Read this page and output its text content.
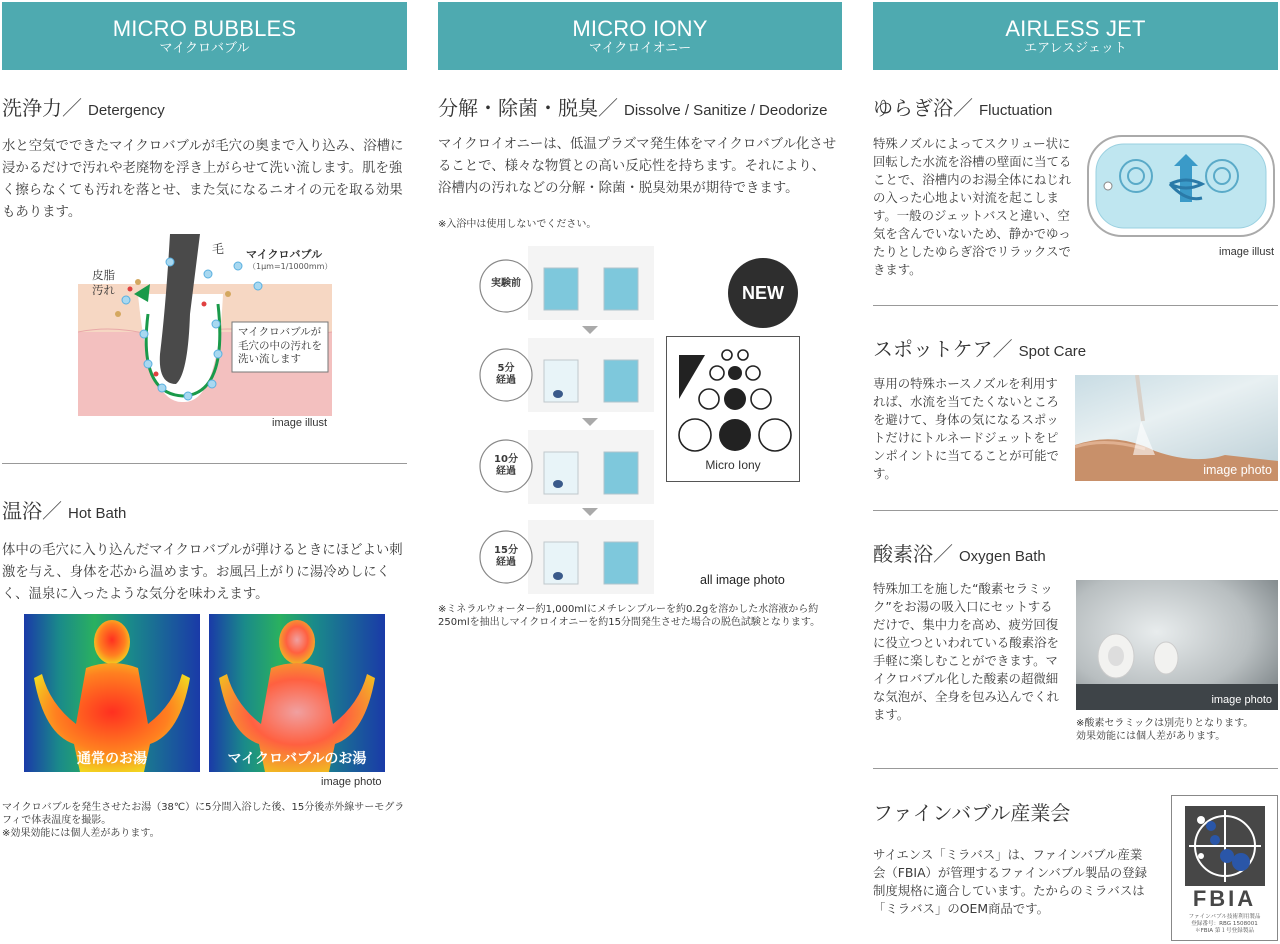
MICRO BUBBLES
マイクロバブル
洗浄力／ Detergency
水と空気でできたマイクロバブルが毛穴の奥まで入り込み、浴槽に浸かるだけで汚れや老廃物を浮き上がらせて洗い流します。肌を強く擦らなくても汚れを落とせ、また気になるニオイの元を取る効果もあります。
毛
皮脂
汚れ
マイクロバブル
（1μm=1/1000mm）
マイクロバブルが
毛穴の中の汚れを
洗い流します
image illust
温浴／ Hot Bath
体中の毛穴に入り込んだマイクロバブルが弾けるときにほどよい刺激を与え、身体を芯から温めます。お風呂上がりに湯冷めしにくく、温泉に入ったような気分を味わえます。
通常のお湯	マイクロバブルのお湯
image photo
マイクロバブルを発生させたお湯（38℃）に5分間入浴した後、15分後赤外線サーモグラフィで体表温度を撮影。
※効果効能には個人差があります。
MICRO IONY
マイクロイオニー
分解・除菌・脱臭／ Dissolve / Sanitize / Deodorize
マイクロイオニーは、低温プラズマ発生体をマイクロバブル化させることで、様々な物質との高い反応性を持ちます。それにより、浴槽内の汚れなどの分解・除菌・脱臭効果が期待できます。
※入浴中は使用しないでください。
実験前
5分
経過
10分
経過
15分
経過
NEW
Micro Iony
all image photo
※ミネラルウォーター約1,000mlにメチレンブルーを約0.2gを溶かした水溶液から約250mlを抽出しマイクロイオニーを約15分間発生させた場合の脱色試験となります。
AIRLESS JET
エアレスジェット
ゆらぎ浴／ Fluctuation
特殊ノズルによってスクリュー状に回転した水流を浴槽の壁面に当てることで、浴槽内のお湯全体にねじれの入った心地よい対流を起こします。一般のジェットバスと違い、空気を含んでいないため、静かでゆったりとしたゆらぎ浴でリラックスできます。
image illust
スポットケア／ Spot Care
専用の特殊ホースノズルを利用すれば、水流を当てたくないところを避けて、身体の気になるスポットだけにトルネードジェットをピンポイントに当てることが可能です。	image photo
酸素浴／ Oxygen Bath
特殊加工を施した“酸素セラミック”をお湯の吸入口にセットするだけで、集中力を高め、疲労回復に役立つといわれている酸素浴を手軽に楽しむことができます。マイクロバブル化した酸素の超微細な気泡が、全身を包み込んでくれます。
image photo
※酸素セラミックは別売りとなります。
効果効能には個人差があります。
ファインバブル産業会
サイエンス「ミラバス」は、ファインバブル産業会（FBIA）が管理するファインバブル製品の登録制度規格に適合しています。たからのミラバスは「ミラバス」のOEM商品です。	FBIA
ファインバブル技術利用製品
登録番号：RBG 1508001
＊FBIA 第１号登録製品
